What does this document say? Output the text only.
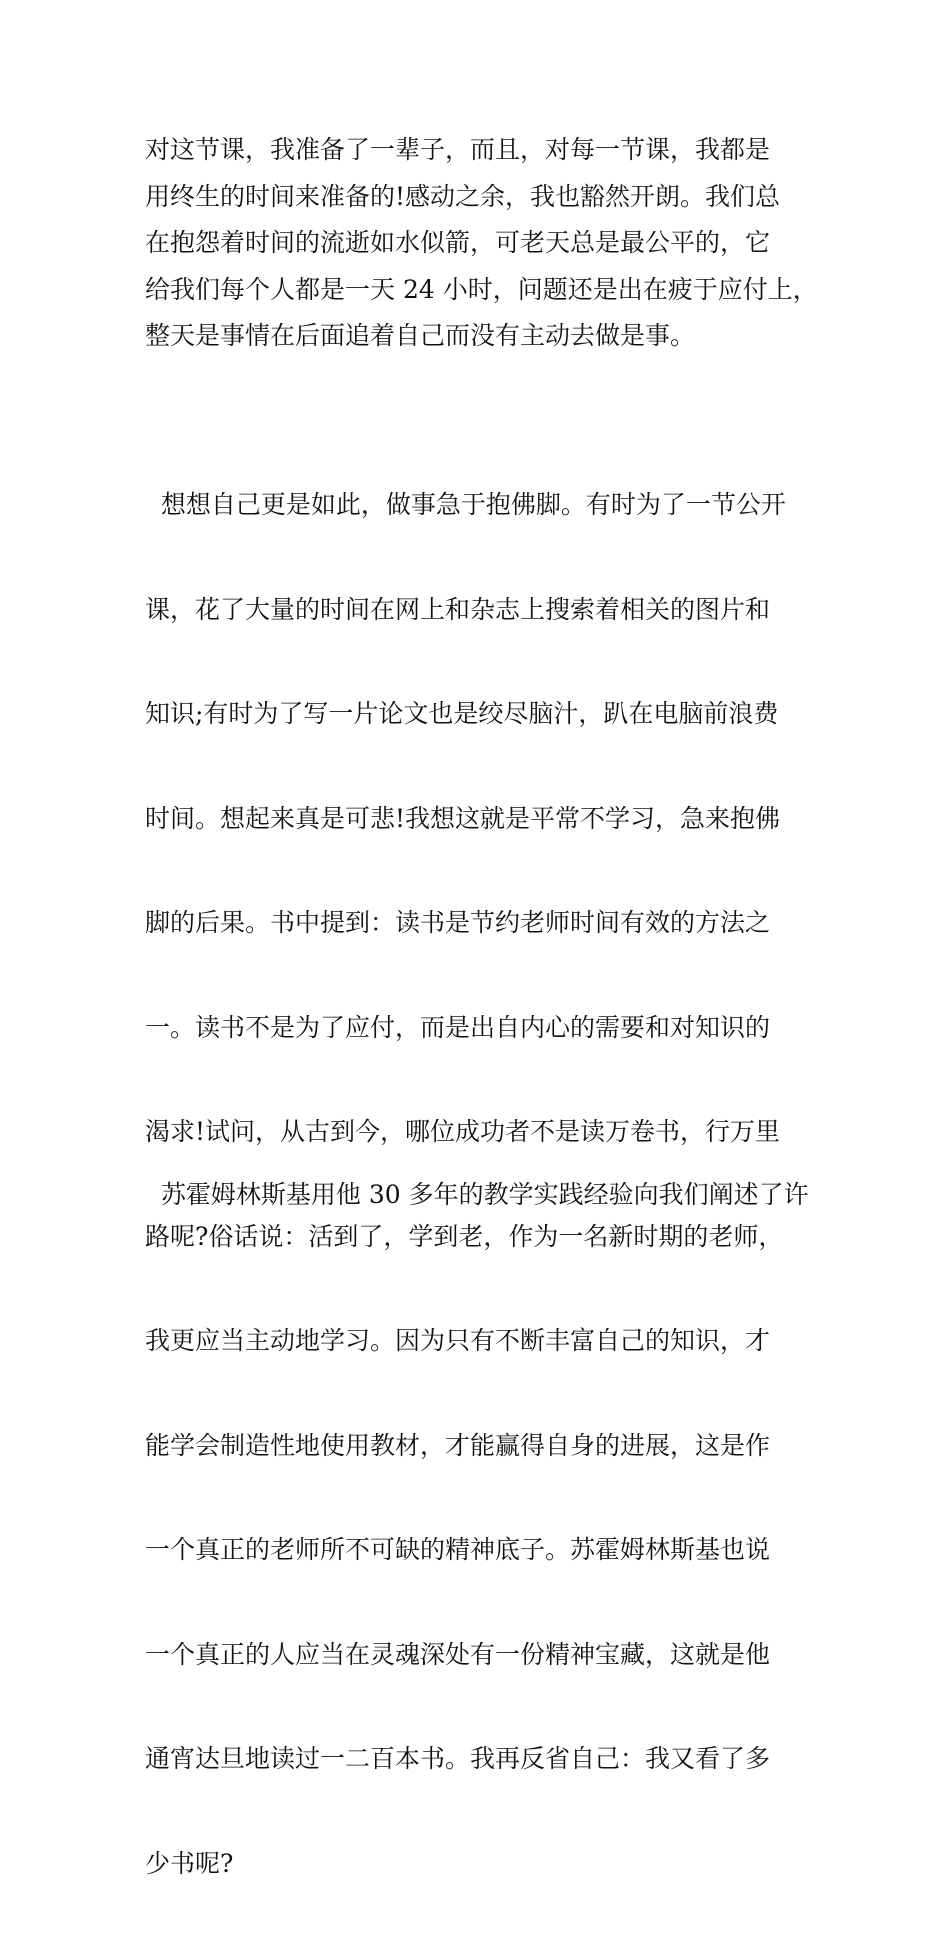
对这节课，我准备了一辈子，而且，对每一节课，我都是
用终生的时间来准备的!感动之余，我也豁然开朗。我们总
在抱怨着时间的流逝如水似箭，可老天总是最公平的，它
给我们每个人都是一天 24 小时，问题还是出在疲于应付上，
整天是事情在后面追着自己而没有主动去做是事。

想想自己更是如此，做事急于抱佛脚。有时为了一节公开

课，花了大量的时间在网上和杂志上搜索着相关的图片和

知识;有时为了写一片论文也是绞尽脑汁，趴在电脑前浪费

时间。想起来真是可悲!我想这就是平常不学习，急来抱佛

脚的后果。书中提到：读书是节约老师时间有效的方法之

一。读书不是为了应付，而是出自内心的需要和对知识的

渴求!试问，从古到今，哪位成功者不是读万卷书，行万里

路呢?俗话说：活到了，学到老，作为一名新时期的老师，

我更应当主动地学习。因为只有不断丰富自己的知识，才

能学会制造性地使用教材，才能赢得自身的进展，这是作

一个真正的老师所不可缺的精神底子。苏霍姆林斯基也说

一个真正的人应当在灵魂深处有一份精神宝藏，这就是他

通宵达旦地读过一二百本书。我再反省自己：我又看了多

少书呢?

苏霍姆林斯基用他 30 多年的教学实践经验向我们阐述了许
